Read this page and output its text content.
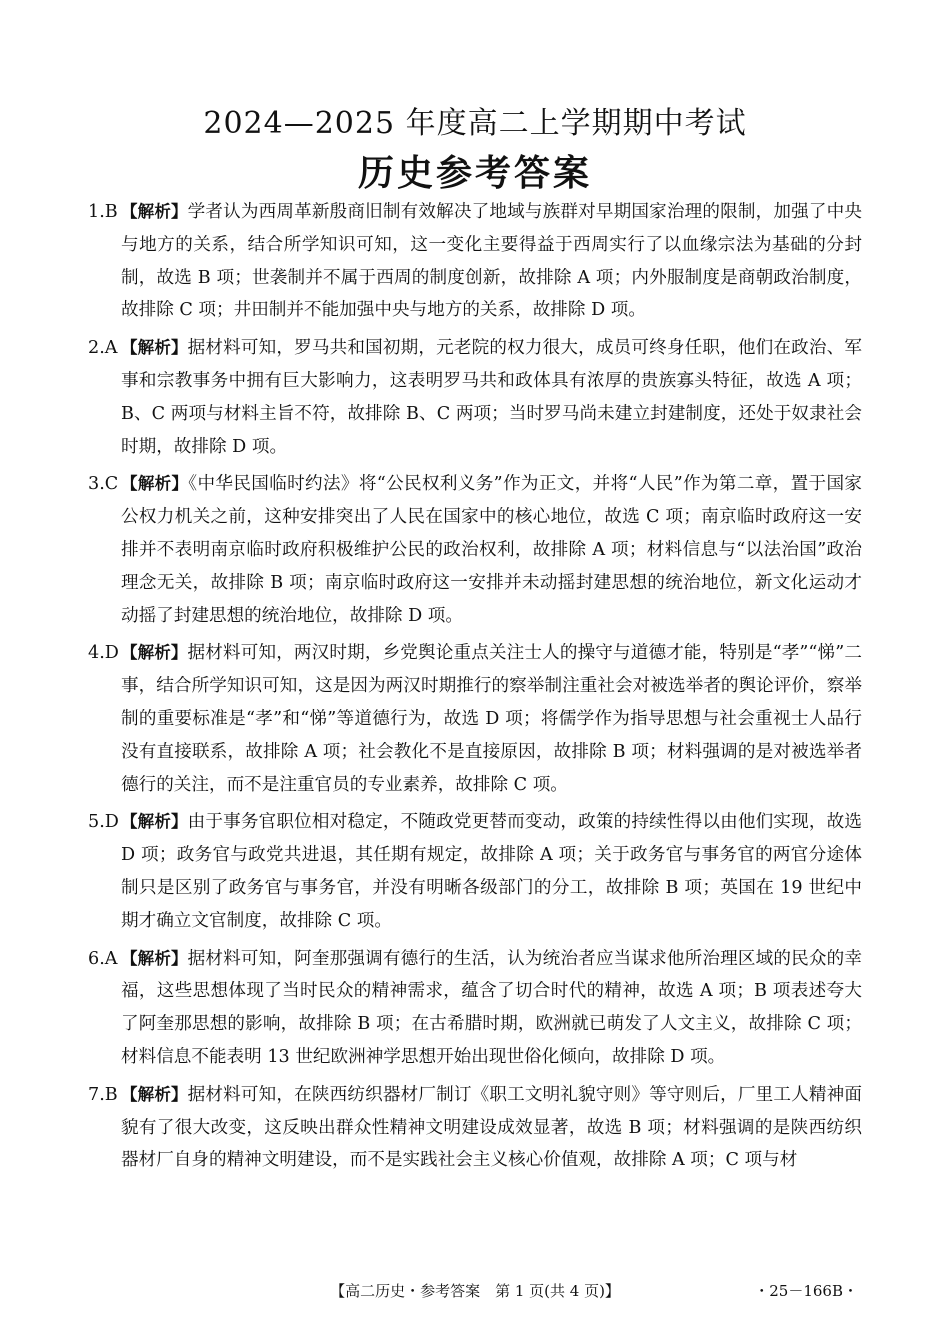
2024—2025 年度高二上学期期中考试
历史参考答案
1.B 【解析】学者认为西周革新殷商旧制有效解决了地域与族群对早期国家治理的限制，加强了中央与地方的关系，结合所学知识可知，这一变化主要得益于西周实行了以血缘宗法为基础的分封制，故选 B 项；世袭制并不属于西周的制度创新，故排除 A 项；内外服制度是商朝政治制度，故排除 C 项；井田制并不能加强中央与地方的关系，故排除 D 项。
2.A 【解析】据材料可知，罗马共和国初期，元老院的权力很大，成员可终身任职，他们在政治、军事和宗教事务中拥有巨大影响力，这表明罗马共和政体具有浓厚的贵族寡头特征，故选 A 项；B、C 两项与材料主旨不符，故排除 B、C 两项；当时罗马尚未建立封建制度，还处于奴隶社会时期，故排除 D 项。
3.C 【解析】《中华民国临时约法》将“公民权利义务”作为正文，并将“人民”作为第二章，置于国家公权力机关之前，这种安排突出了人民在国家中的核心地位，故选 C 项；南京临时政府这一安排并不表明南京临时政府积极维护公民的政治权利，故排除 A 项；材料信息与“以法治国”政治理念无关，故排除 B 项；南京临时政府这一安排并未动摇封建思想的统治地位，新文化运动才动摇了封建思想的统治地位，故排除 D 项。
4.D 【解析】据材料可知，两汉时期，乡党舆论重点关注士人的操守与道德才能，特别是“孝”“悌”二事，结合所学知识可知，这是因为两汉时期推行的察举制注重社会对被选举者的舆论评价，察举制的重要标准是“孝”和“悌”等道德行为，故选 D 项；将儒学作为指导思想与社会重视士人品行没有直接联系，故排除 A 项；社会教化不是直接原因，故排除 B 项；材料强调的是对被选举者德行的关注，而不是注重官员的专业素养，故排除 C 项。
5.D 【解析】由于事务官职位相对稳定，不随政党更替而变动，政策的持续性得以由他们实现，故选 D 项；政务官与政党共进退，其任期有规定，故排除 A 项；关于政务官与事务官的两官分途体制只是区别了政务官与事务官，并没有明晰各级部门的分工，故排除 B 项；英国在 19 世纪中期才确立文官制度，故排除 C 项。
6.A 【解析】据材料可知，阿奎那强调有德行的生活，认为统治者应当谋求他所治理区域的民众的幸福，这些思想体现了当时民众的精神需求，蕴含了切合时代的精神，故选 A 项；B 项表述夸大了阿奎那思想的影响，故排除 B 项；在古希腊时期，欧洲就已萌发了人文主义，故排除 C 项；材料信息不能表明 13 世纪欧洲神学思想开始出现世俗化倾向，故排除 D 项。
7.B 【解析】据材料可知，在陕西纺织器材厂制订《职工文明礼貌守则》等守则后，厂里工人精神面貌有了很大改变，这反映出群众性精神文明建设成效显著，故选 B 项；材料强调的是陕西纺织器材厂自身的精神文明建设，而不是实践社会主义核心价值观，故排除 A 项；C 项与材
【高二历史・参考答案　第 1 页(共 4 页)】	・25－166B・
